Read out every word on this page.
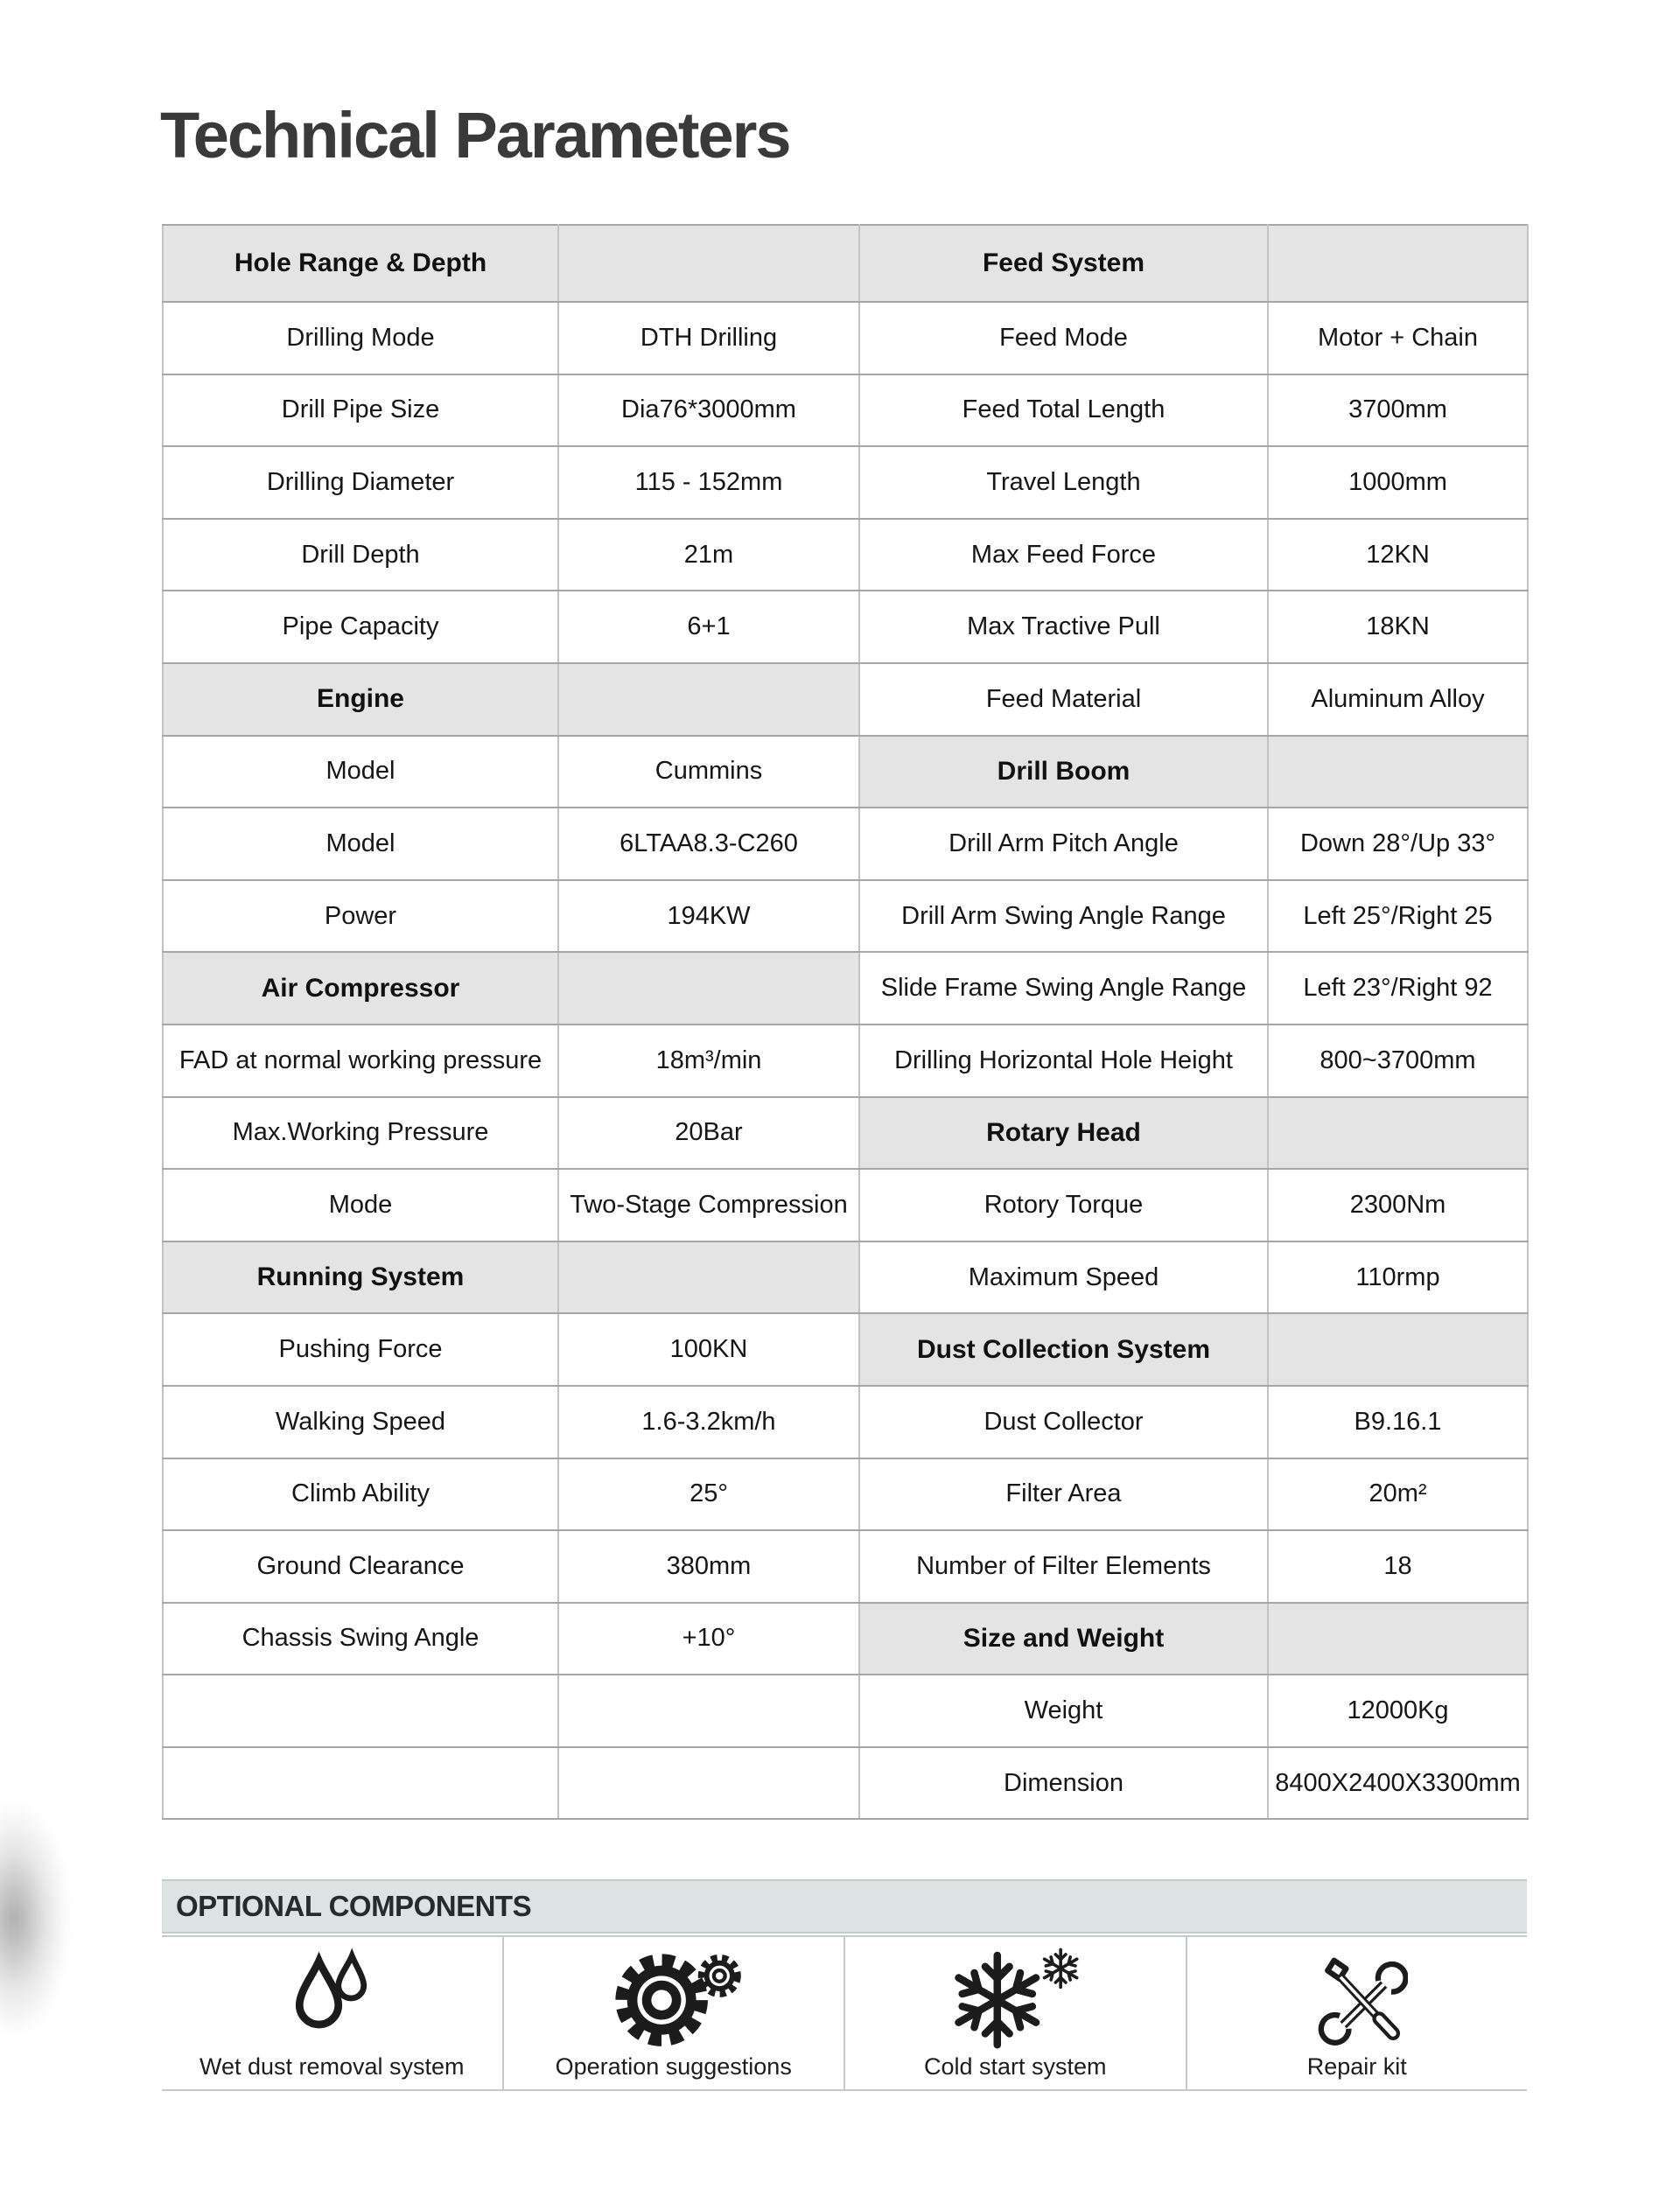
Technical Parameters
Hole Range & Depth		Feed System	
Drilling Mode	DTH Drilling	Feed Mode	Motor + Chain
Drill Pipe Size	Dia76*3000mm	Feed Total Length	3700mm
Drilling Diameter	115 - 152mm	Travel Length	1000mm
Drill Depth	21m	Max Feed Force	12KN
Pipe Capacity	6+1	Max Tractive Pull	18KN
Engine		Feed Material	Aluminum Alloy
Model	Cummins	Drill Boom	
Model	6LTAA8.3-C260	Drill Arm Pitch Angle	Down 28°/Up 33°
Power	194KW	Drill Arm Swing Angle Range	Left 25°/Right 25
Air Compressor		Slide Frame Swing Angle Range	Left 23°/Right 92
FAD at normal working pressure	18m³/min	Drilling Horizontal Hole Height	800~3700mm
Max.Working Pressure	20Bar	Rotary Head	
Mode	Two-Stage Compression	Rotory Torque	2300Nm
Running System		Maximum Speed	110rmp
Pushing Force	100KN	Dust Collection System	
Walking Speed	1.6-3.2km/h	Dust Collector	B9.16.1
Climb Ability	25°	Filter Area	20m²
Ground Clearance	380mm	Number of Filter Elements	18
Chassis Swing Angle	+10°	Size and Weight	
		Weight	12000Kg
		Dimension	8400X2400X3300mm
OPTIONAL COMPONENTS
Wet dust removal system	Operation suggestions	Cold start system	Repair kit
